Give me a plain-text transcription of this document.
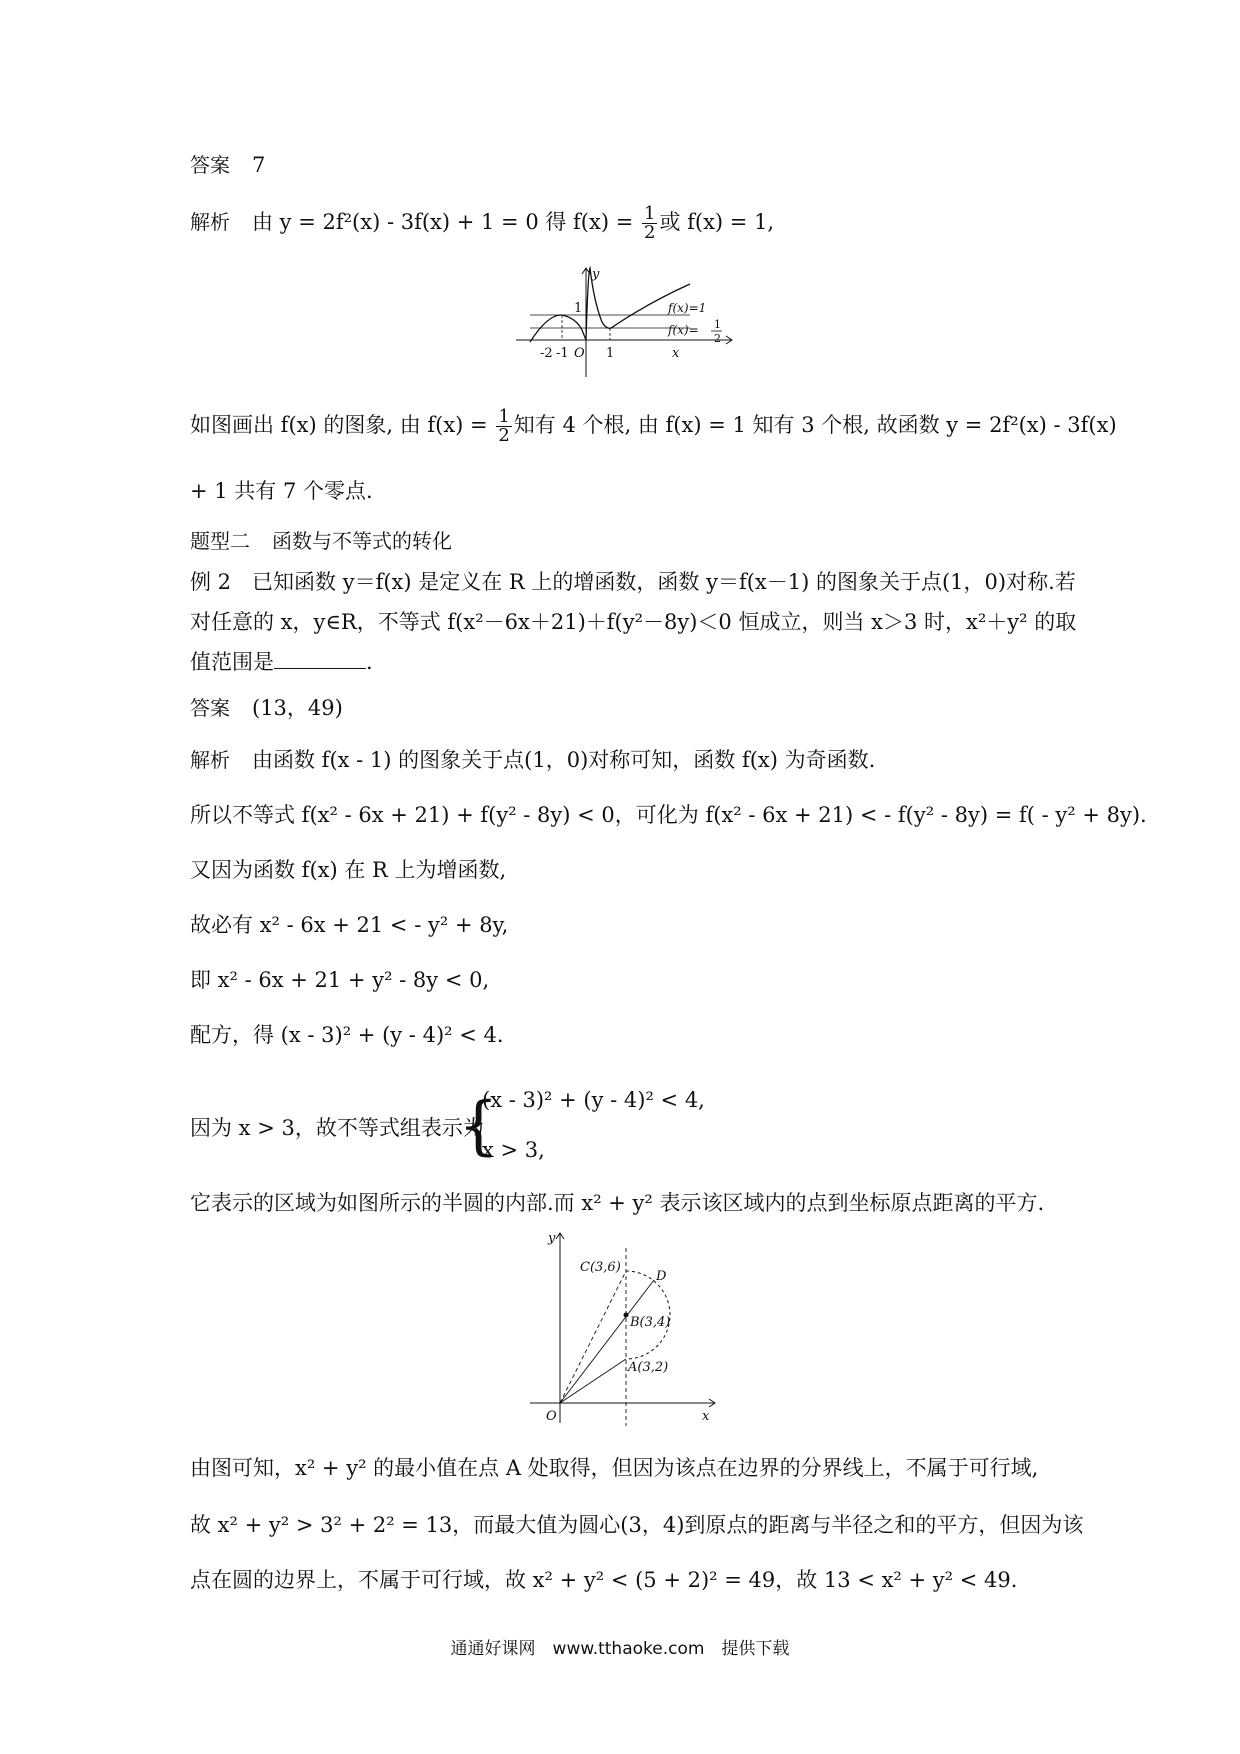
答案 7
解析 由 y = 2f²(x) - 3f(x) + 1 = 0 得 $f(x) = \frac{1}{2}$ 或 f(x) = 1,
-2 -1 O 1
1
y
x
f(x)=1
f(x)= 1
2
如图画出 f(x) 的图象, 由 $f(x) = \frac{1}{2}$ 知有 4 个根, 由 f(x) = 1 知有 3 个根, 故函数 y = 2f²(x) - 3f(x)
+ 1 共有 7 个零点.
题型二 函数与不等式的转化
例 2　已知函数 y＝f(x) 是定义在 R 上的增函数，函数 y＝f(x－1) 的图象关于点(1，0)对称.若
对任意的 x，y∈R，不等式 f(x²－6x＋21)＋f(y²－8y)＜0 恒成立，则当 x＞3 时，x²＋y² 的取
值范围是	.
答案 (13，49)
解析 由函数 f(x - 1) 的图象关于点(1，0)对称可知，函数 f(x) 为奇函数.
所以不等式 f(x² - 6x + 21) + f(y² - 8y) < 0，可化为 f(x² - 6x + 21) < - f(y² - 8y) = f( - y² + 8y).
又因为函数 f(x) 在 R 上为增函数,
故必有 x² - 6x + 21 < - y² + 8y,
即 x² - 6x + 21 + y² - 8y < 0,
配方，得 (x - 3)² + (y - 4)² < 4.
因为 x > 3，故不等式组表示为
{
(x - 3)² + (y - 4)² < 4,
x > 3,
它表示的区域为如图所示的半圆的内部.而 x² + y² 表示该区域内的点到坐标原点距离的平方.
O
y
x
C(3,6)
D
B(3,4)
A(3,2)
由图可知，x² + y² 的最小值在点 A 处取得，但因为该点在边界的分界线上，不属于可行域,
故 x² + y² > 3² + 2² = 13，而最大值为圆心(3，4)到原点的距离与半径之和的平方，但因为该
点在圆的边界上，不属于可行域，故 x² + y² < (5 + 2)² = 49，故 13 < x² + y² < 49.
通通好课网　www.tthaoke.com　提供下载
